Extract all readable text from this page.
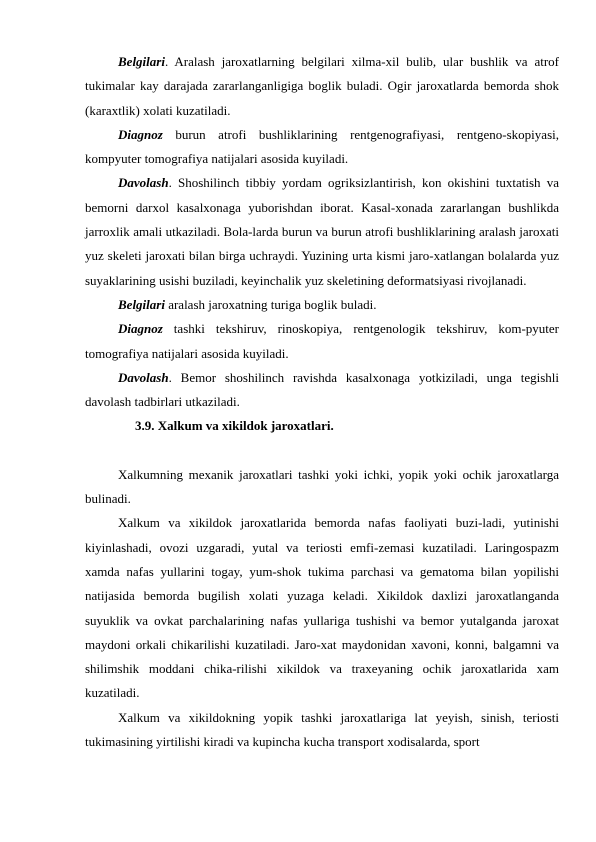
Belgilari. Aralash jaroxatlarning belgilari xilma-xil bulib, ular bushlik va atrof tukimalar kay darajada zararlanganligiga boglik buladi. Ogir jaroxatlarda bemorda shok (karaxtlik) xolati kuzatiladi.

Diagnoz burun atrofi bushliklarining rentgenografiyasi, rentgeno-skopiyasi, kompyuter tomografiya natijalari asosida kuyiladi.

Davolash. Shoshilinch tibbiy yordam ogriksizlantirish, kon okishini tuxtatish va bemorni darxol kasalxonaga yuborishdan iborat. Kasal-xonada zararlangan bushlikda jarroxlik amali utkaziladi. Bola-larda burun va burun atrofi bushliklarining aralash jaroxati yuz skeleti jaroxati bilan birga uchraydi. Yuzining urta kismi jaro-xatlangan bolalarda yuz suyaklarining usishi buziladi, keyinchalik yuz skeletining deformatsiyasi rivojlanadi.

Belgilari aralash jaroxatning turiga boglik buladi.

Diagnoz tashki tekshiruv, rinoskopiya, rentgenologik tekshiruv, kom-pyuter tomografiya natijalari asosida kuyiladi.

Davolash. Bemor shoshilinch ravishda kasalxonaga yotkiziladi, unga tegishli davolash tadbirlari utkaziladi.

3.9. Xalkum va xikildok jaroxatlari.

Xalkumning mexanik jaroxatlari tashki yoki ichki, yopik yoki ochik jaroxatlarga bulinadi.

Xalkum va xikildok jaroxatlarida bemorda nafas faoliyati buzi-ladi, yutinishi kiyinlashadi, ovozi uzgaradi, yutal va teriosti emfi-zemasi kuzatiladi. Laringospazm xamda nafas yullarini togay, yum-shok tukima parchasi va gematoma bilan yopilishi natijasida bemorda bugilish xolati yuzaga keladi. Xikildok daxlizi jaroxatlanganda suyuklik va ovkat parchalarining nafas yullariga tushishi va bemor yutalganda jaroxat maydoni orkali chikarilishi kuzatiladi. Jaro-xat maydonidan xavoni, konni, balgamni va shilimshik moddani chika-rilishi xikildok va traxeyaning ochik jaroxatlarida xam kuzatiladi.

Xalkum va xikildokning yopik tashki jaroxatlariga lat yeyish, sinish, teriosti tukimasining yirtilishi kiradi va kupincha kucha transport xodisalarda, sport
